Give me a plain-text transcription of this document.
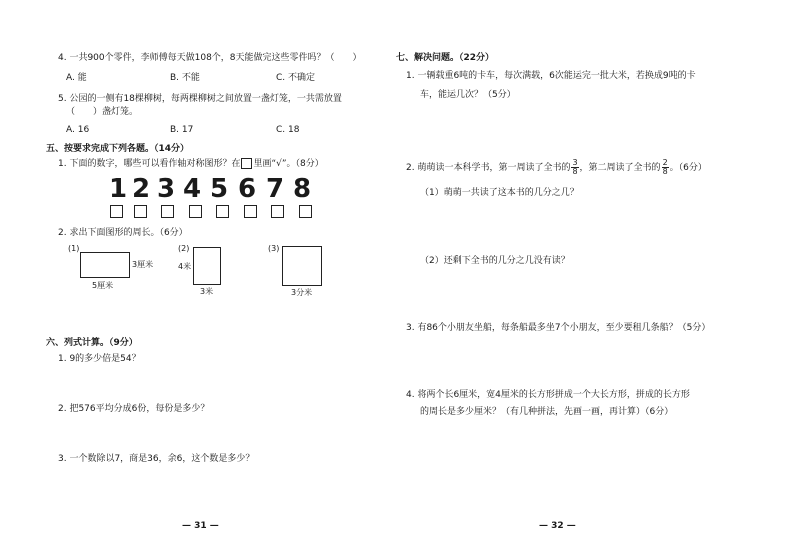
4. 一共900个零件，李师傅每天做108个，8天能做完这些零件吗？（　　）
A. 能	B. 不能	C. 不确定
5. 公园的一侧有18棵柳树，每两棵柳树之间放置一盏灯笼，一共需放置
（　　）盏灯笼。
A. 16	B. 17	C. 18
五、按要求完成下列各题。（14分）
1. 下面的数字，哪些可以看作轴对称图形？在 里画“√”。（8分）
1 2 3 4 5 6 7 8
2. 求出下面图形的周长。（6分）
(1)
3厘米
5厘米
(2)
4米
3米
(3)
3分米
六、列式计算。（9分）
1. 9的多少倍是54？
2. 把576平均分成6份，每份是多少？
3. 一个数除以7，商是36，余6，这个数是多少？
— 31 —
七、解决问题。（22分）
1. 一辆载重6吨的卡车，每次满载，6次能运完一批大米，若换成9吨的卡
车，能运几次？（5分）
2. 萌萌读一本科学书，第一周读了全书的 $\frac{3}{8}$ ，第二周读了全书的 $\frac{2}{8}$ 。（6分）
（1）萌萌一共读了这本书的几分之几？
（2）还剩下全书的几分之几没有读？
3. 有86个小朋友坐船，每条船最多坐7个小朋友，至少要租几条船？（5分）
4. 将两个长6厘米，宽4厘米的长方形拼成一个大长方形，拼成的长方形
的周长是多少厘米？（有几种拼法，先画一画，再计算）（6分）
— 32 —
